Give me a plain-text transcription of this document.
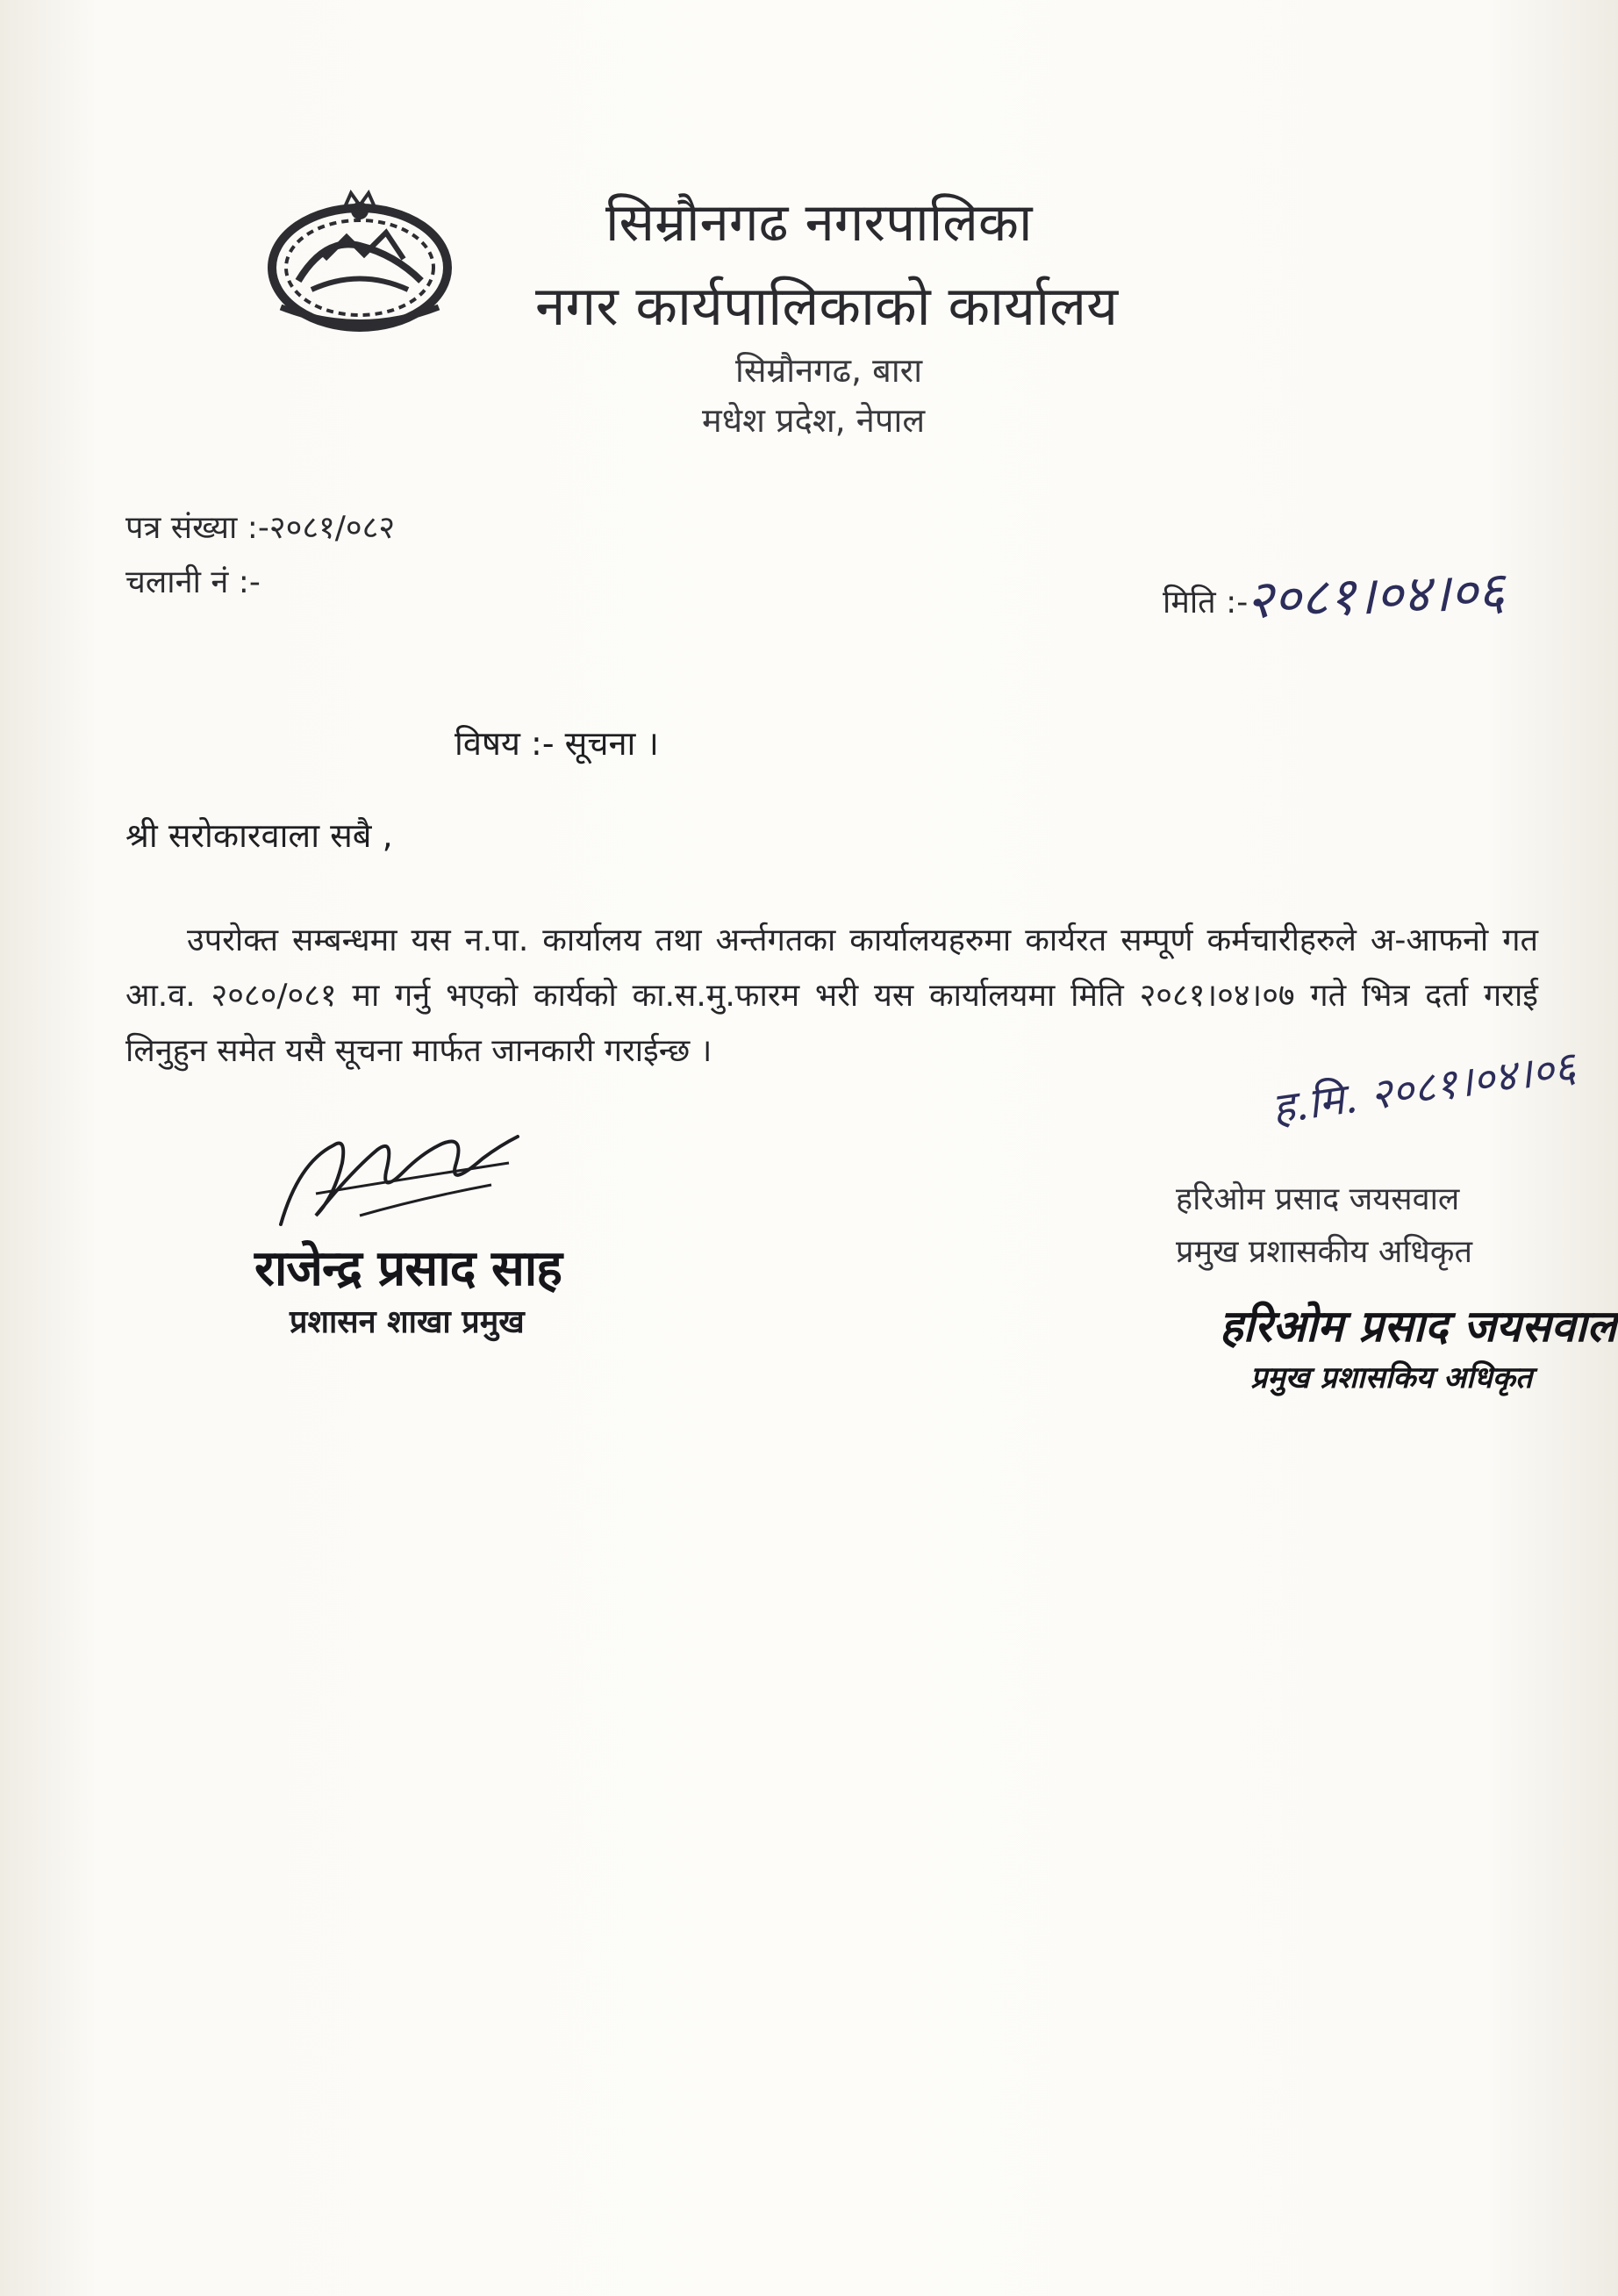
सिम्रौनगढ नगरपालिका
नगर कार्यपालिकाको कार्यालय
सिम्रौनगढ, बारा
मधेश प्रदेश, नेपाल
पत्र संख्या :-२०८१/०८२
चलानी नं :-
मिति :-
२०८१।०४।०६
विषय :- सूचना ।
श्री सरोकारवाला सबै ,
उपरोक्त सम्बन्धमा यस न.पा. कार्यालय तथा अर्न्तगतका कार्यालयहरुमा कार्यरत सम्पूर्ण कर्मचारीहरुले अ-आफनो गत आ.व. २०८०/०८१ मा गर्नु भएको कार्यको का.स.मु.फारम भरी यस कार्यालयमा मिति २०८१।०४।०७ गते भित्र दर्ता गराई लिनुहुन समेत यसै सूचना मार्फत जानकारी गराईन्छ ।
राजेन्द्र प्रसाद साह
प्रशासन शाखा प्रमुख
ह.मि. २०८१।०४।०६
हरिओम प्रसाद जयसवाल
प्रमुख प्रशासकीय अधिकृत
हरिओम प्रसाद जयसवाल
प्रमुख प्रशासकिय अधिकृत
